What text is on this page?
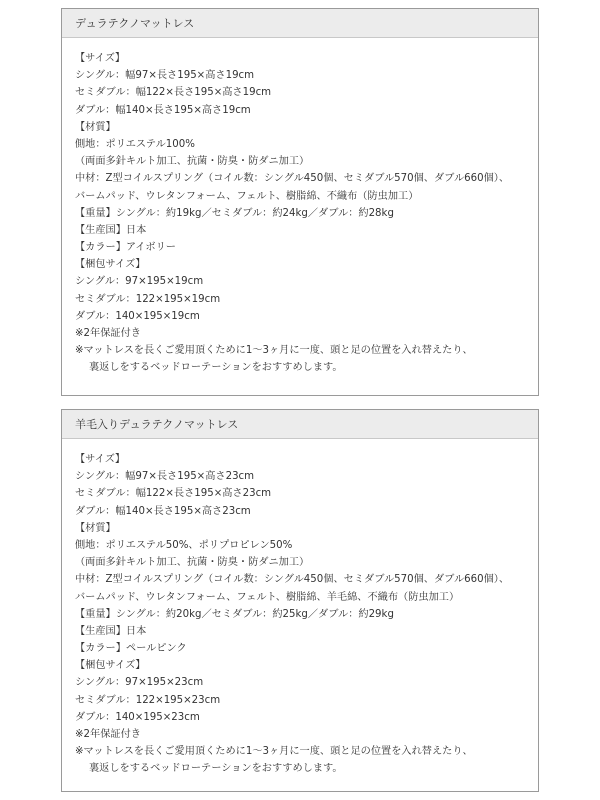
デュラテクノマットレス
【サイズ】
シングル：幅97×長さ195×高さ19cm
セミダブル：幅122×長さ195×高さ19cm
ダブル：幅140×長さ195×高さ19cm
【材質】
側地：ポリエステル100%
（両面多針キルト加工、抗菌・防臭・防ダニ加工）
中材：Z型コイルスプリング（コイル数：シングル450個、セミダブル570個、ダブル660個）、
バームパッド、ウレタンフォーム、フェルト、樹脂綿、不織布（防虫加工）
【重量】シングル：約19kg／セミダブル：約24kg／ダブル：約28kg
【生産国】日本
【カラー】アイボリー
【梱包サイズ】
シングル：97×195×19cm
セミダブル：122×195×19cm
ダブル：140×195×19cm
※2年保証付き
※マットレスを長くご愛用頂くために1〜3ヶ月に一度、頭と足の位置を入れ替えたり、
裏返しをするベッドローテーションをおすすめします。
羊毛入りデュラテクノマットレス
【サイズ】
シングル：幅97×長さ195×高さ23cm
セミダブル：幅122×長さ195×高さ23cm
ダブル：幅140×長さ195×高さ23cm
【材質】
側地：ポリエステル50%、ポリプロピレン50%
（両面多針キルト加工、抗菌・防臭・防ダニ加工）
中材：Z型コイルスプリング（コイル数：シングル450個、セミダブル570個、ダブル660個）、
バームパッド、ウレタンフォーム、フェルト、樹脂綿、羊毛綿、不織布（防虫加工）
【重量】シングル：約20kg／セミダブル：約25kg／ダブル：約29kg
【生産国】日本
【カラー】ペールピンク
【梱包サイズ】
シングル：97×195×23cm
セミダブル：122×195×23cm
ダブル：140×195×23cm
※2年保証付き
※マットレスを長くご愛用頂くために1〜3ヶ月に一度、頭と足の位置を入れ替えたり、
裏返しをするベッドローテーションをおすすめします。
